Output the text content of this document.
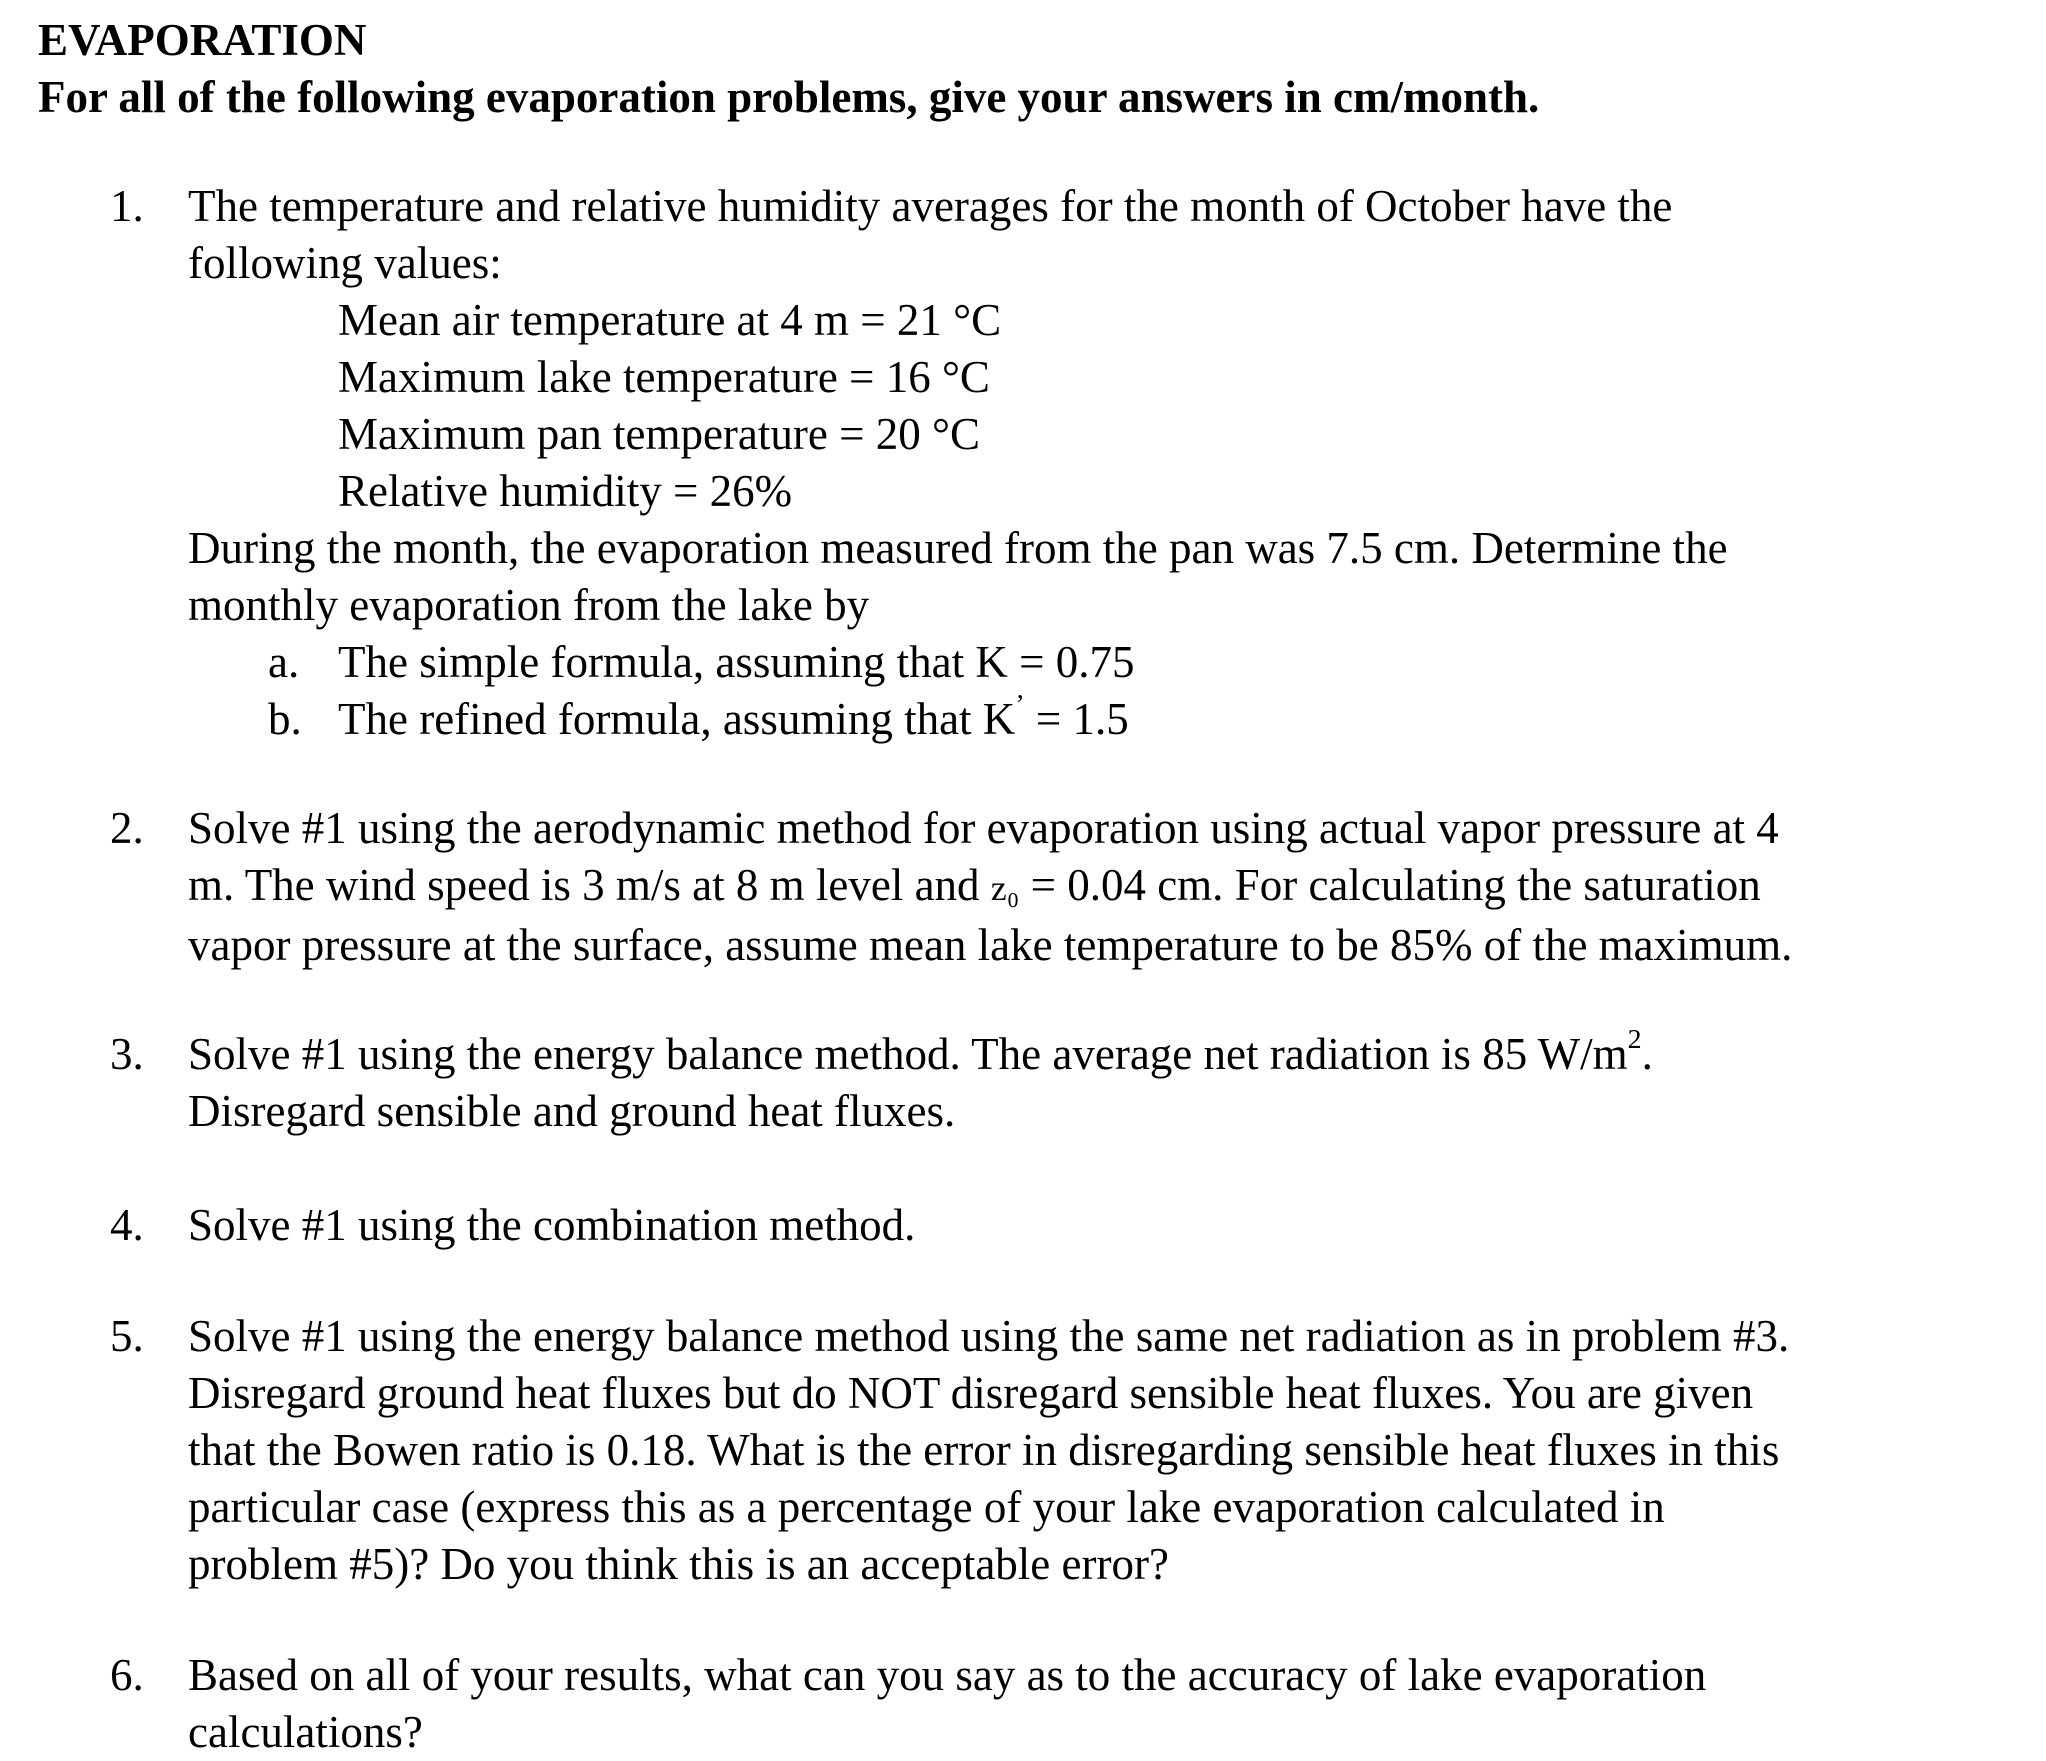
EVAPORATION

For all of the following evaporation problems, give your answers in cm/month.

1. The temperature and relative humidity averages for the month of October have the
following values:
Mean air temperature at 4 m = 21 °C
Maximum lake temperature = 16 °C
Maximum pan temperature = 20 °C
Relative humidity = 26%
During the month, the evaporation measured from the pan was 7.5 cm. Determine the
monthly evaporation from the lake by
a. The simple formula, assuming that K = 0.75
b. The refined formula, assuming that K’ = 1.5
2. Solve #1 using the aerodynamic method for evaporation using actual vapor pressure at 4
m. The wind speed is 3 m/s at 8 m level and z₀ = 0.04 cm. For calculating the saturation
vapor pressure at the surface, assume mean lake temperature to be 85% of the maximum.
3. Solve #1 using the energy balance method. The average net radiation is 85 $W/m^2$.
Disregard sensible and ground heat fluxes.
4. Solve #1 using the combination method.
5. Solve #1 using the energy balance method using the same net radiation as in problem #3.
Disregard ground heat fluxes but do NOT disregard sensible heat fluxes. You are given
that the Bowen ratio is 0.18. What is the error in disregarding sensible heat fluxes in this
particular case (express this as a percentage of your lake evaporation calculated in
problem #5)? Do you think this is an acceptable error?
6. Based on all of your results, what can you say as to the accuracy of lake evaporation
calculations?
